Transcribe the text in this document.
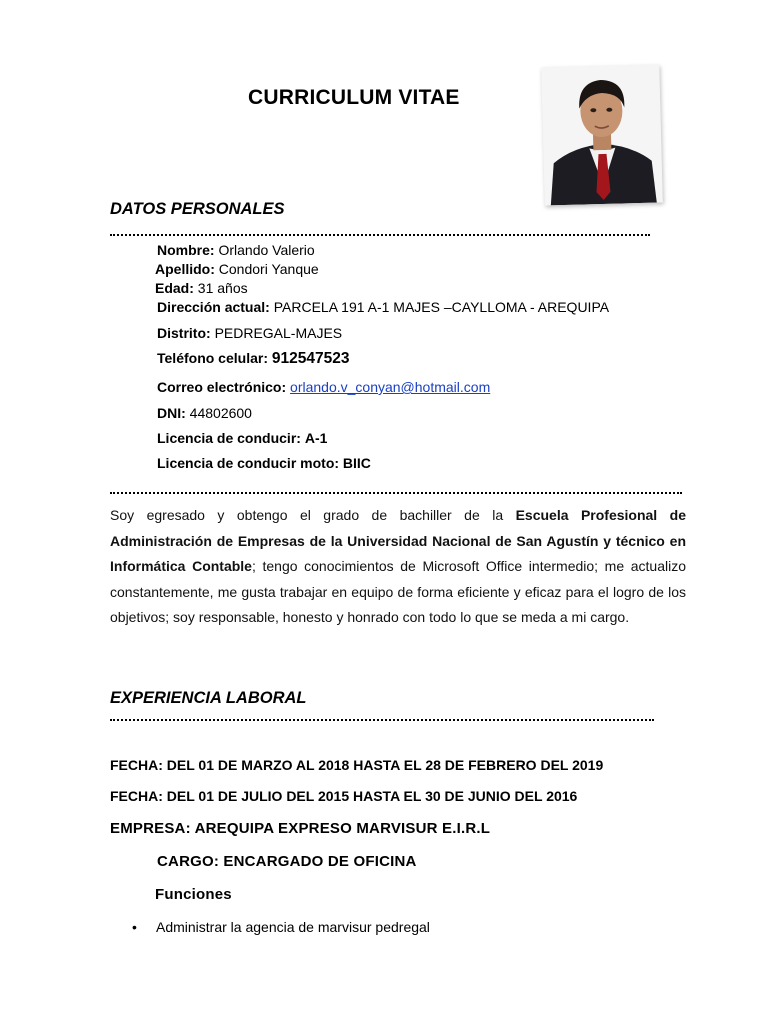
CURRICULUM VITAE
DATOS PERSONALES
Nombre: Orlando Valerio
Apellido: Condori Yanque
Edad: 31 años
Dirección actual: PARCELA 191 A-1 MAJES –CAYLLOMA - AREQUIPA
Distrito: PEDREGAL-MAJES
Teléfono celular: 912547523
Correo electrónico: orlando.v_conyan@hotmail.com
DNI: 44802600
Licencia de conducir: A-1
Licencia de conducir moto: BIIC
Soy egresado y obtengo el grado de bachiller de la Escuela Profesional de Administración de Empresas de la Universidad Nacional de San Agustín y técnico en Informática Contable; tengo conocimientos de Microsoft Office intermedio; me actualizo constantemente, me gusta trabajar en equipo de forma eficiente y eficaz para el logro de los objetivos; soy responsable, honesto y honrado con todo lo que se meda a mi cargo.
EXPERIENCIA LABORAL
FECHA: DEL 01 DE MARZO AL 2018 HASTA EL 28 DE FEBRERO DEL 2019
FECHA: DEL 01 DE JULIO DEL 2015 HASTA EL 30 DE JUNIO DEL 2016
EMPRESA: AREQUIPA EXPRESO MARVISUR E.I.R.L
CARGO: ENCARGADO DE OFICINA
Funciones
• Administrar la agencia de marvisur pedregal
